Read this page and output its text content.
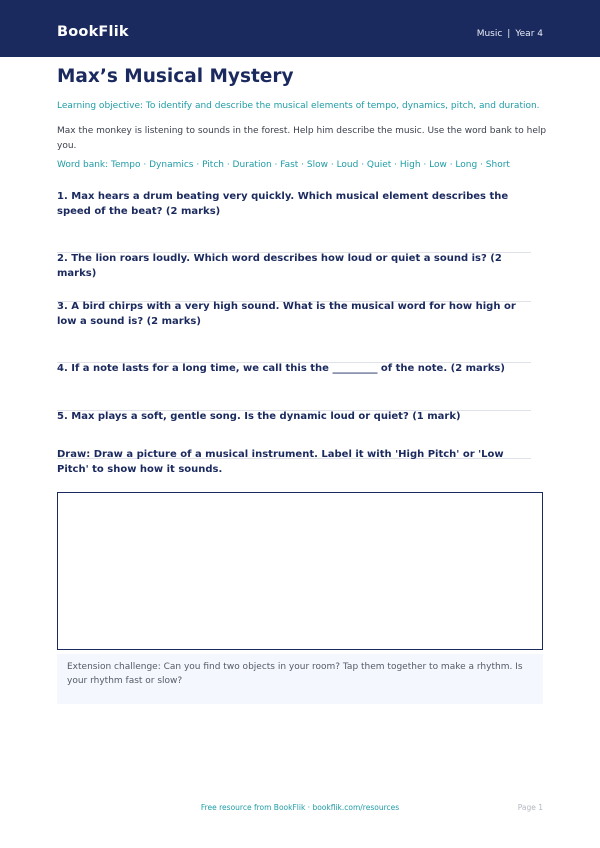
BookFlik	Music | Year 4
Max’s Musical Mystery
Learning objective: To identify and describe the musical elements of tempo, dynamics, pitch, and duration.
Max the monkey is listening to sounds in the forest. Help him describe the music. Use the word bank to help you.
Word bank: Tempo · Dynamics · Pitch · Duration · Fast · Slow · Loud · Quiet · High · Low · Long · Short
1. Max hears a drum beating very quickly. Which musical element describes the speed of the beat? (2 marks)
2. The lion roars loudly. Which word describes how loud or quiet a sound is? (2 marks)
3. A bird chirps with a very high sound. What is the musical word for how high or low a sound is? (2 marks)
4. If a note lasts for a long time, we call this the _________ of the note. (2 marks)
5. Max plays a soft, gentle song. Is the dynamic loud or quiet? (1 mark)
Draw: Draw a picture of a musical instrument. Label it with 'High Pitch' or 'Low Pitch' to show how it sounds.
Extension challenge: Can you find two objects in your room? Tap them together to make a rhythm. Is your rhythm fast or slow?
Free resource from BookFlik · bookflik.com/resources	Page 1
